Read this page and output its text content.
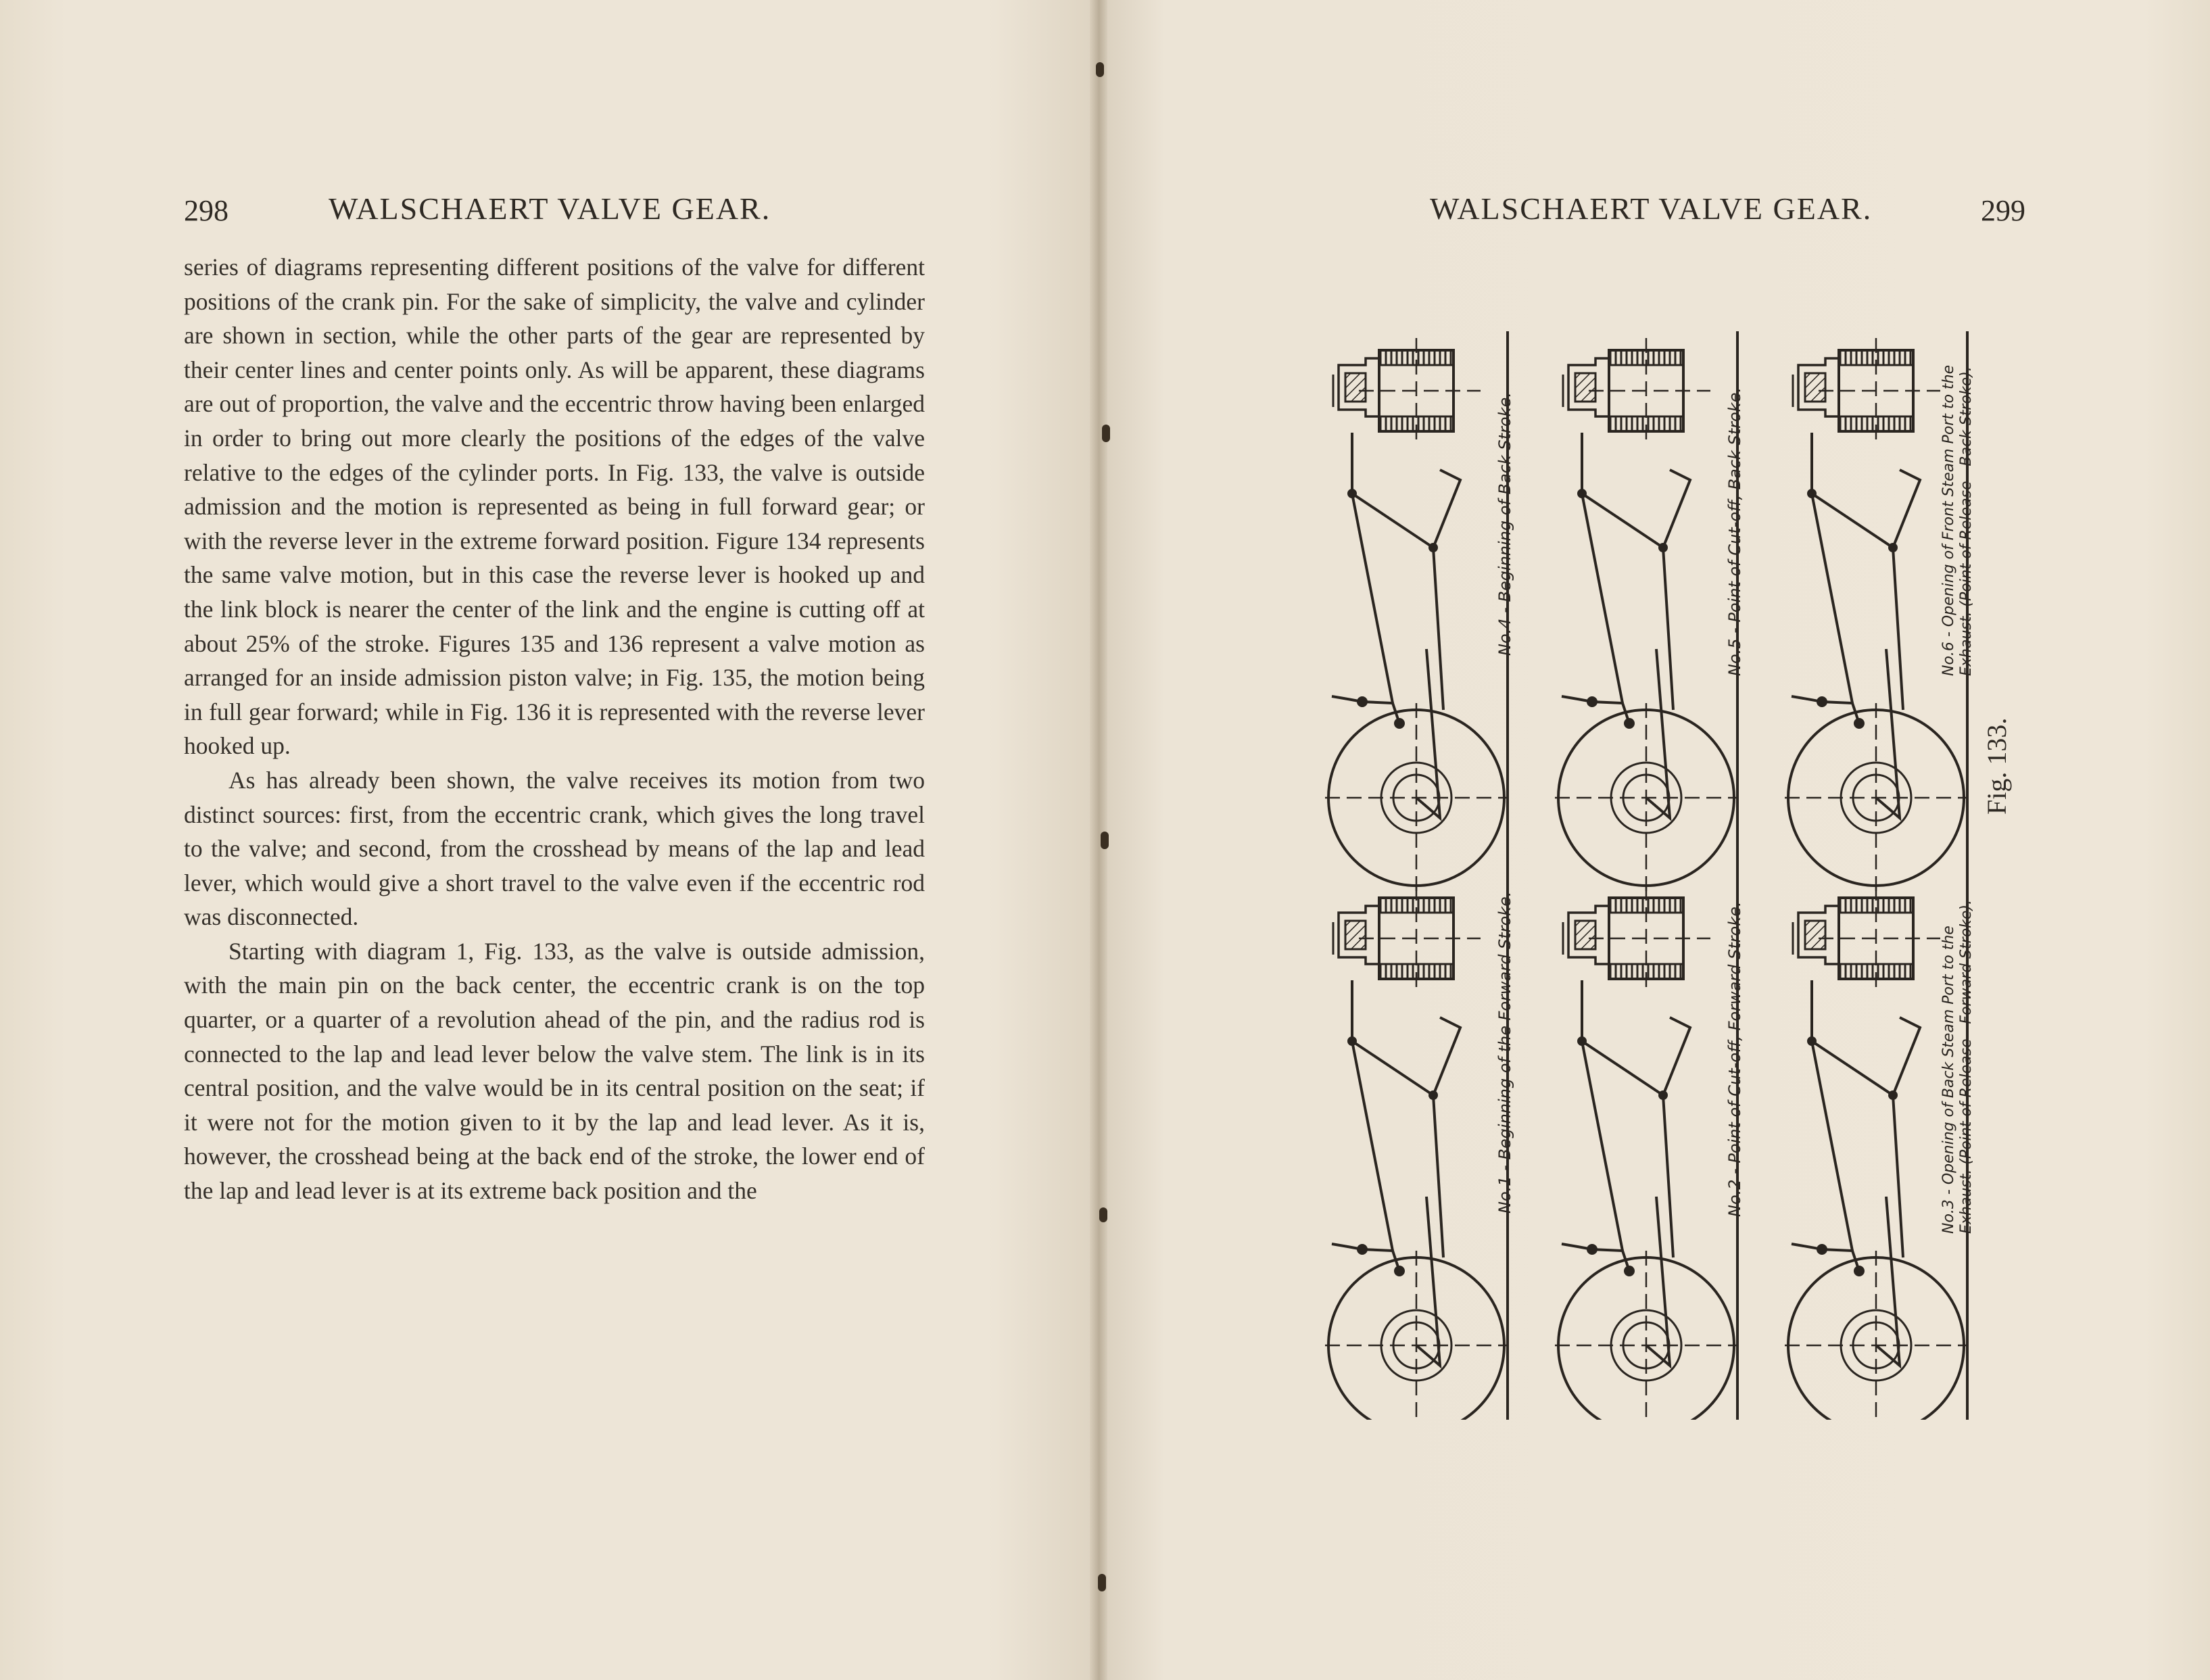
298	WALSCHAERT VALVE GEAR.

series of diagrams representing different positions of the valve for different positions of the crank pin. For the sake of simplicity, the valve and cylinder are shown in section, while the other parts of the gear are represented by their center lines and center points only. As will be apparent, these diagrams are out of proportion, the valve and the eccentric throw having been enlarged in order to bring out more clearly the positions of the edges of the valve relative to the edges of the cylinder ports. In Fig. 133, the valve is outside admission and the motion is represented as being in full forward gear; or with the reverse lever in the extreme forward position. Figure 134 represents the same valve motion, but in this case the reverse lever is hooked up and the link block is nearer the center of the link and the engine is cutting off at about 25% of the stroke. Figures 135 and 136 represent a valve motion as arranged for an inside admission piston valve; in Fig. 135, the motion being in full gear forward; while in Fig. 136 it is represented with the reverse lever hooked up.

As has already been shown, the valve receives its motion from two distinct sources: first, from the eccentric crank, which gives the long travel to the valve; and second, from the crosshead by means of the lap and lead lever, which would give a short travel to the valve even if the eccentric rod was disconnected.

Starting with diagram 1, Fig. 133, as the valve is outside admission, with the main pin on the back center, the eccentric crank is on the top quarter, or a quarter of a revolution ahead of the pin, and the radius rod is connected to the lap and lead lever below the valve stem. The link is in its central position, and the valve would be in its central position on the seat; if it were not for the motion given to it by the lap and lead lever. As it is, however, the crosshead being at the back end of the stroke, the lower end of the lap and lead lever is at its extreme back position and the

WALSCHAERT VALVE GEAR.	299
No.4 - Beginning of Back Stroke.	No.5 - Point of Cut-off, Back Stroke.	No.6 - Opening of Front Steam Port to the Exhaust. (Point of Release - Back Stroke).
No.1 - Beginning of the Forward Stroke.	No.2 - Point of Cut-off, Forward Stroke.	No.3 - Opening of Back Steam Port to the Exhaust. (Point of Release - Forward Stroke).
Fig. 133.
